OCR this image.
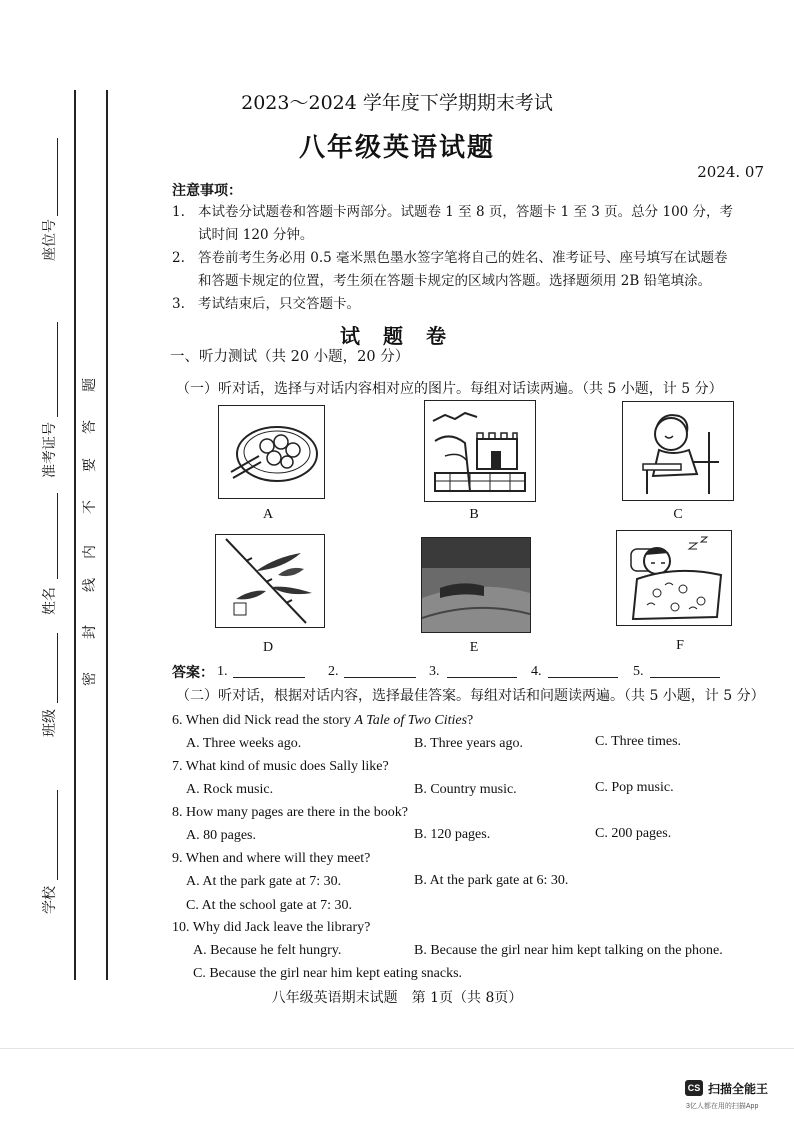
座位号
准考证号
姓名
班级
学校
密
封
线
内
不
要
答
题
2023～2024 学年度下学期期末考试
八年级英语试题
2024. 07
注意事项：
1. 本试卷分试题卷和答题卡两部分。试题卷 1 至 8 页，答题卡 1 至 3 页。总分 100 分，考
试时间 120 分钟。
2. 答卷前考生务必用 0.5 毫米黑色墨水签字笔将自己的姓名、准考证号、座号填写在试题卷
和答题卡规定的位置，考生须在答题卡规定的区域内答题。选择题须用 2B 铅笔填涂。
3. 考试结束后，只交答题卡。
试 题 卷
一、听力测试（共 20 小题，20 分）
（一）听对话，选择与对话内容相对应的图片。每组对话读两遍。（共 5 小题，计 5 分）
A	B	C
D	E	F
答案： 1.	2.	3.	4.	5.
（二）听对话，根据对话内容，选择最佳答案。每组对话和问题读两遍。（共 5 小题，计 5 分）
6. When did Nick read the story A Tale of Two Cities?
A. Three weeks ago.	B. Three years ago.	C. Three times.
7. What kind of music does Sally like?
A. Rock music.	B. Country music.	C. Pop music.
8. How many pages are there in the book?
A. 80 pages.	B. 120 pages.	C. 200 pages.
9. When and where will they meet?
A. At the park gate at 7: 30.	B. At the park gate at 6: 30.
C. At the school gate at 7: 30.
10. Why did Jack leave the library?
A. Because he felt hungry.	B. Because the girl near him kept talking on the phone.
C. Because the girl near him kept eating snacks.
八年级英语期末试题　第 1页（共 8页）
CS 扫描全能王
3亿人都在用的扫描App
